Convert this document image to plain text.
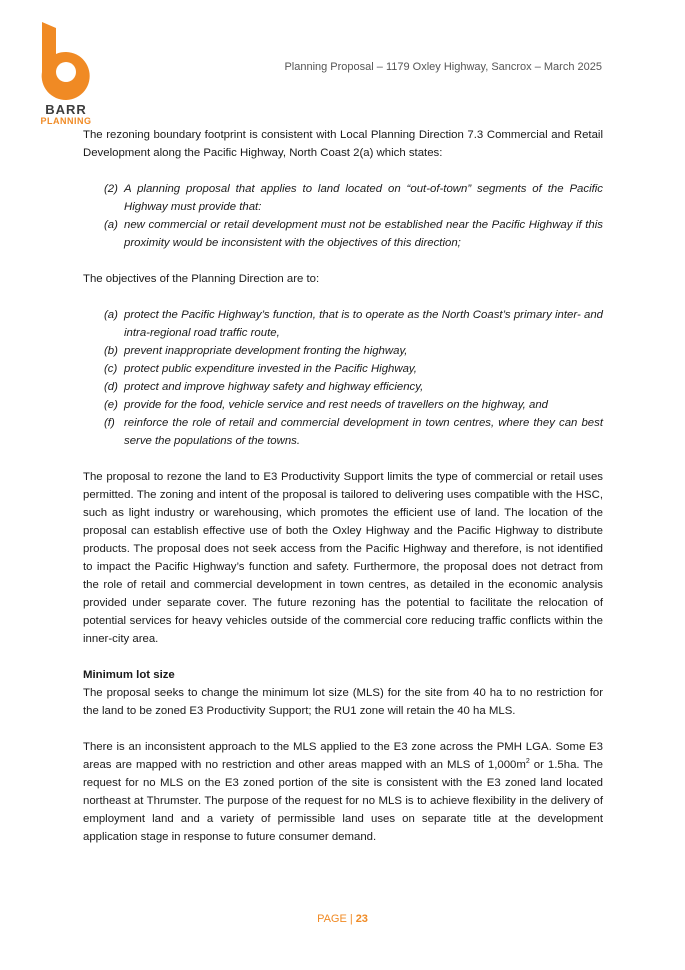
BARR
PLANNING
Planning Proposal – 1179 Oxley Highway, Sancrox – March 2025

The rezoning boundary footprint is consistent with Local Planning Direction 7.3 Commercial and Retail Development along the Pacific Highway, North Coast 2(a) which states:

(2) A planning proposal that applies to land located on “out-of-town” segments of the Pacific Highway must provide that:
(a) new commercial or retail development must not be established near the Pacific Highway if this proximity would be inconsistent with the objectives of this direction;

The objectives of the Planning Direction are to:

(a) protect the Pacific Highway’s function, that is to operate as the North Coast’s primary inter- and intra-regional road traffic route,
(b) prevent inappropriate development fronting the highway,
(c) protect public expenditure invested in the Pacific Highway,
(d) protect and improve highway safety and highway efficiency,
(e) provide for the food, vehicle service and rest needs of travellers on the highway, and
(f) reinforce the role of retail and commercial development in town centres, where they can best serve the populations of the towns.

The proposal to rezone the land to E3 Productivity Support limits the type of commercial or retail uses permitted. The zoning and intent of the proposal is tailored to delivering uses compatible with the HSC, such as light industry or warehousing, which promotes the efficient use of land. The location of the proposal can establish effective use of both the Oxley Highway and the Pacific Highway to distribute products. The proposal does not seek access from the Pacific Highway and therefore, is not identified to impact the Pacific Highway’s function and safety. Furthermore, the proposal does not detract from the role of retail and commercial development in town centres, as detailed in the economic analysis provided under separate cover. The future rezoning has the potential to facilitate the relocation of potential services for heavy vehicles outside of the commercial core reducing traffic conflicts within the inner-city area.

Minimum lot size

The proposal seeks to change the minimum lot size (MLS) for the site from 40 ha to no restriction for the land to be zoned E3 Productivity Support; the RU1 zone will retain the 40 ha MLS.

There is an inconsistent approach to the MLS applied to the E3 zone across the PMH LGA. Some E3 areas are mapped with no restriction and other areas mapped with an MLS of $1,000m^2$ or 1.5ha. The request for no MLS on the E3 zoned portion of the site is consistent with the E3 zoned land located northeast at Thrumster. The purpose of the request for no MLS is to achieve flexibility in the delivery of employment land and a variety of permissible land uses on separate title at the development application stage in response to future consumer demand.

PAGE | 23
